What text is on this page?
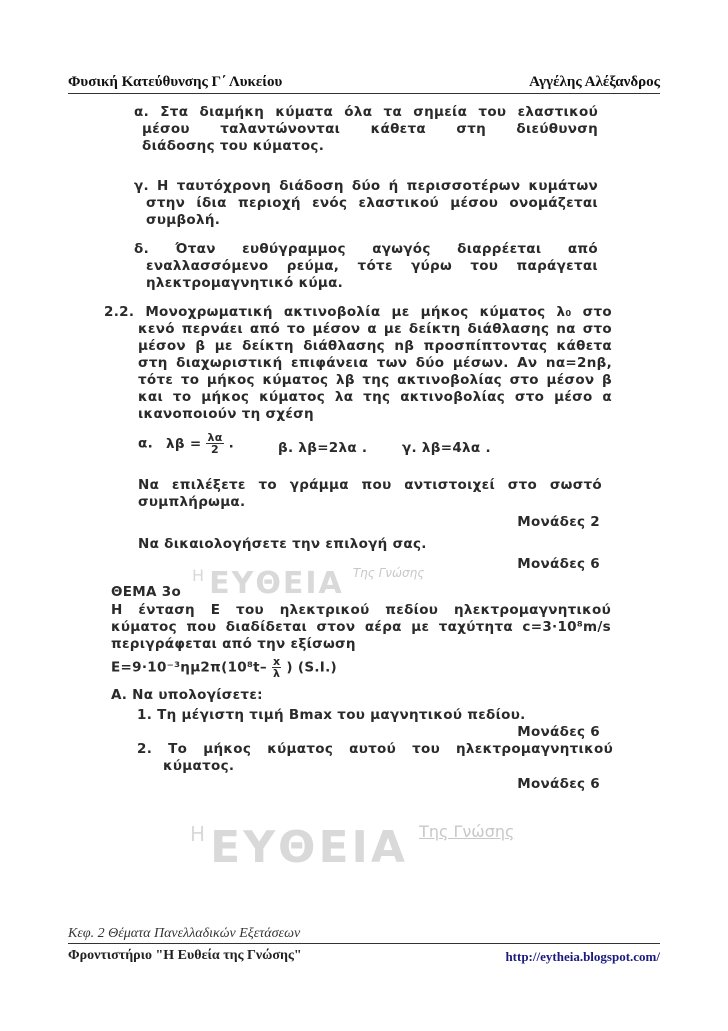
Φυσική Κατεύθυνσης Γ΄ Λυκείου	Αγγέλης Αλέξανδρος
α. Στα διαμήκη κύματα όλα τα σημεία του ελαστικού
μέσου ταλαντώνονται κάθετα στη διεύθυνση
διάδοσης του κύματος.
γ. Η ταυτόχρονη διάδοση δύο ή περισσοτέρων κυμάτων
στην ίδια περιοχή ενός ελαστικού μέσου ονομάζεται
συμβολή.
δ. Όταν ευθύγραμμος αγωγός διαρρέεται από
εναλλασσόμενο ρεύμα, τότε γύρω του παράγεται
ηλεκτρομαγνητικό κύμα.
2.2. Μονοχρωματική ακτινοβολία με μήκος κύματος λ₀ στο
κενό περνάει από το μέσον α με δείκτη διάθλασης nα στο
μέσον β με δείκτη διάθλασης nβ προσπίπτοντας κάθετα
στη διαχωριστική επιφάνεια των δύο μέσων. Αν nα=2nβ,
τότε το μήκος κύματος λβ της ακτινοβολίας στο μέσον β
και το μήκος κύματος λα της ακτινοβολίας στο μέσο α
ικανοποιούν τη σχέση
α. $\lambda\beta = \frac{\lambda\alpha}{2}$ .	β. λβ=2λα .	γ. λβ=4λα .
Να επιλέξετε το γράμμα που αντιστοιχεί στο σωστό
συμπλήρωμα.
Μονάδες 2
Να δικαιολογήσετε την επιλογή σας.
Μονάδες 6
Η ΕΥΘΕΙΑ $^{T\eta\varsigma \Gamma\nu ώ\sigma\eta\varsigma}$
ΘΕΜΑ 3ο
Η ένταση Ε του ηλεκτρικού πεδίου ηλεκτρομαγνητικού
κύματος που διαδίδεται στον αέρα με ταχύτητα c=3·10⁸m/s
περιγράφεται από την εξίσωση
$E=9\cdot 10^{-3}\eta\mu 2\pi(10^8t- \frac{x}{\lambda}$ ) (S.I.)
Α. Να υπολογίσετε:
1. Τη μέγιστη τιμή Βmax του μαγνητικού πεδίου.
Μονάδες 6
2. Το μήκος κύματος αυτού του ηλεκτρομαγνητικού
κύματος.
Μονάδες 6
Η ΕΥΘΕΙΑ Της Γνώσης
Κεφ. 2 Θέματα Πανελλαδικών Εξετάσεων
Φροντιστήριο "Η Ευθεία της Γνώσης"	http://eytheia.blogspot.com/
